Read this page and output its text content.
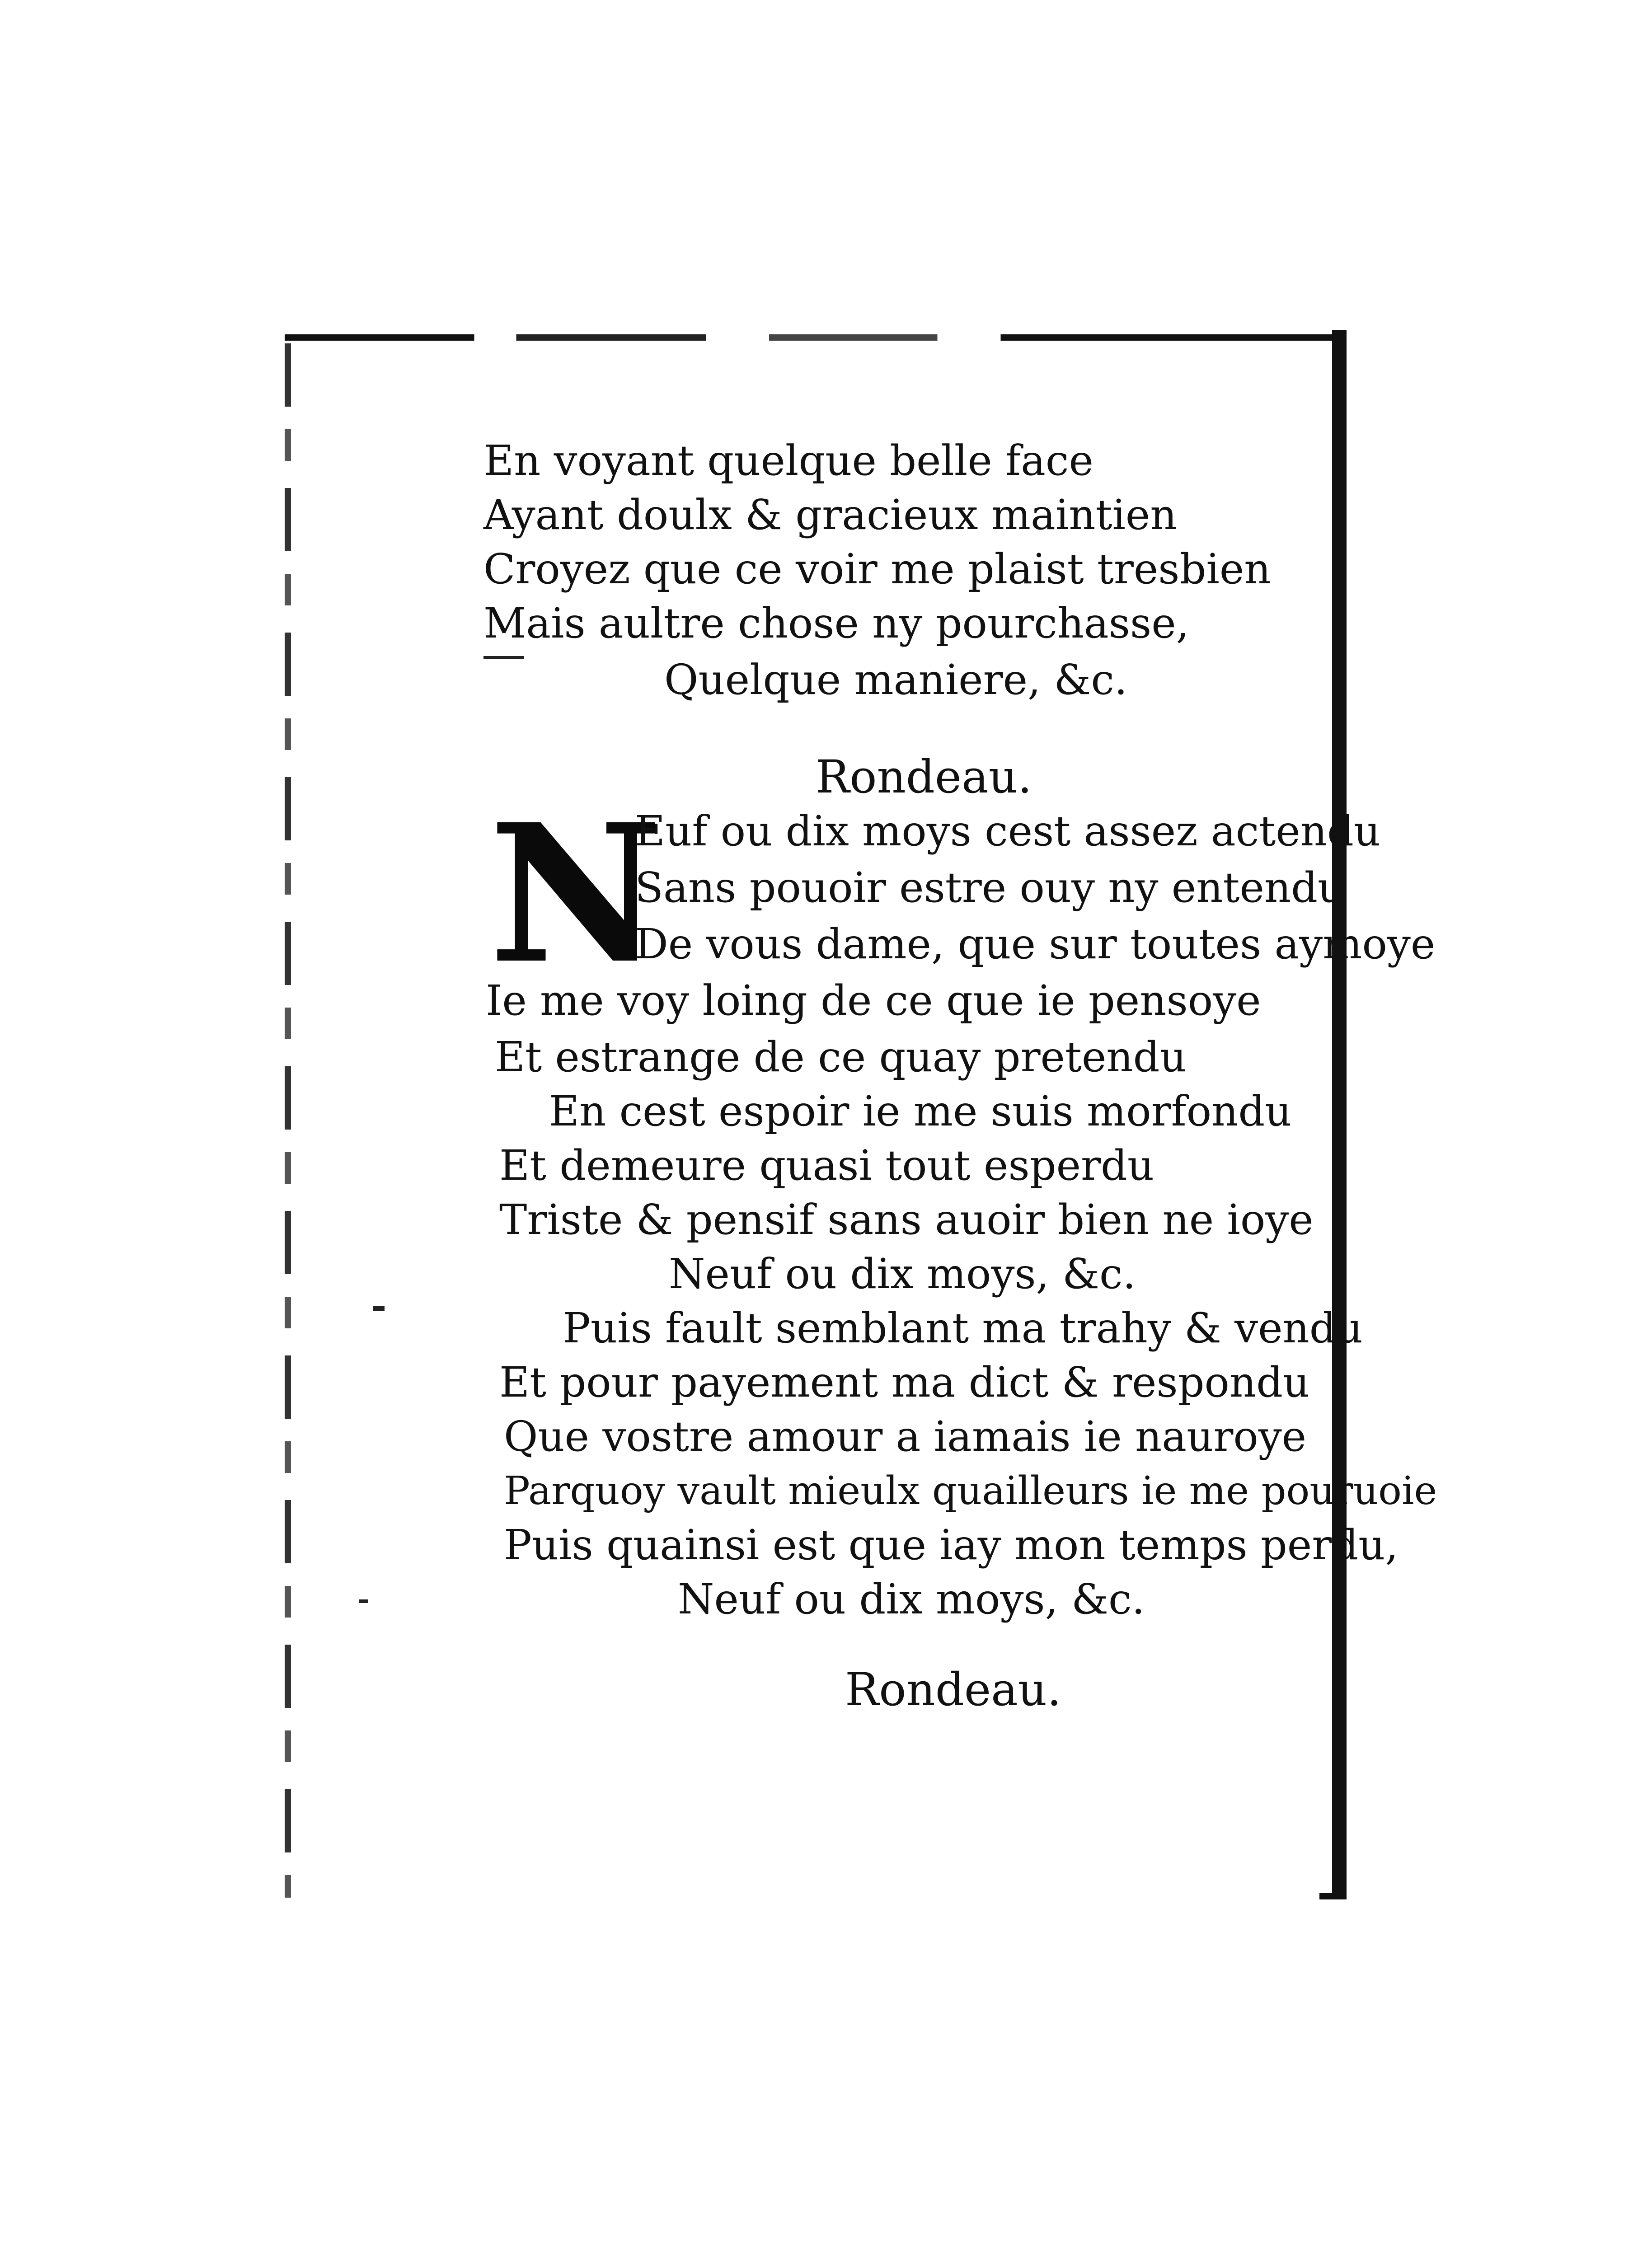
En voyant quelque belle face
Ayant doulx & gracieux maintien
Croyez que ce voir me plaist tresbien
Mais aultre chose ny pourchasse,
Quelque maniere, &c.
Rondeau.
N
Euf ou dix moys cest assez actendu
Sans pouoir estre ouy ny entendu
De vous dame, que sur toutes aymoye
Ie me voy loing de ce que ie pensoye
Et estrange de ce quay pretendu
En cest espoir ie me suis morfondu
Et demeure quasi tout esperdu
Triste & pensif sans auoir bien ne ioye
Neuf ou dix moys, &c.
Puis fault semblant ma trahy & vendu
Et pour payement ma dict & respondu
Que vostre amour a iamais ie nauroye
Parquoy vault mieulx quailleurs ie me pouruoie
Puis quainsi est que iay mon temps perdu,
Neuf ou dix moys, &c.
Rondeau.
